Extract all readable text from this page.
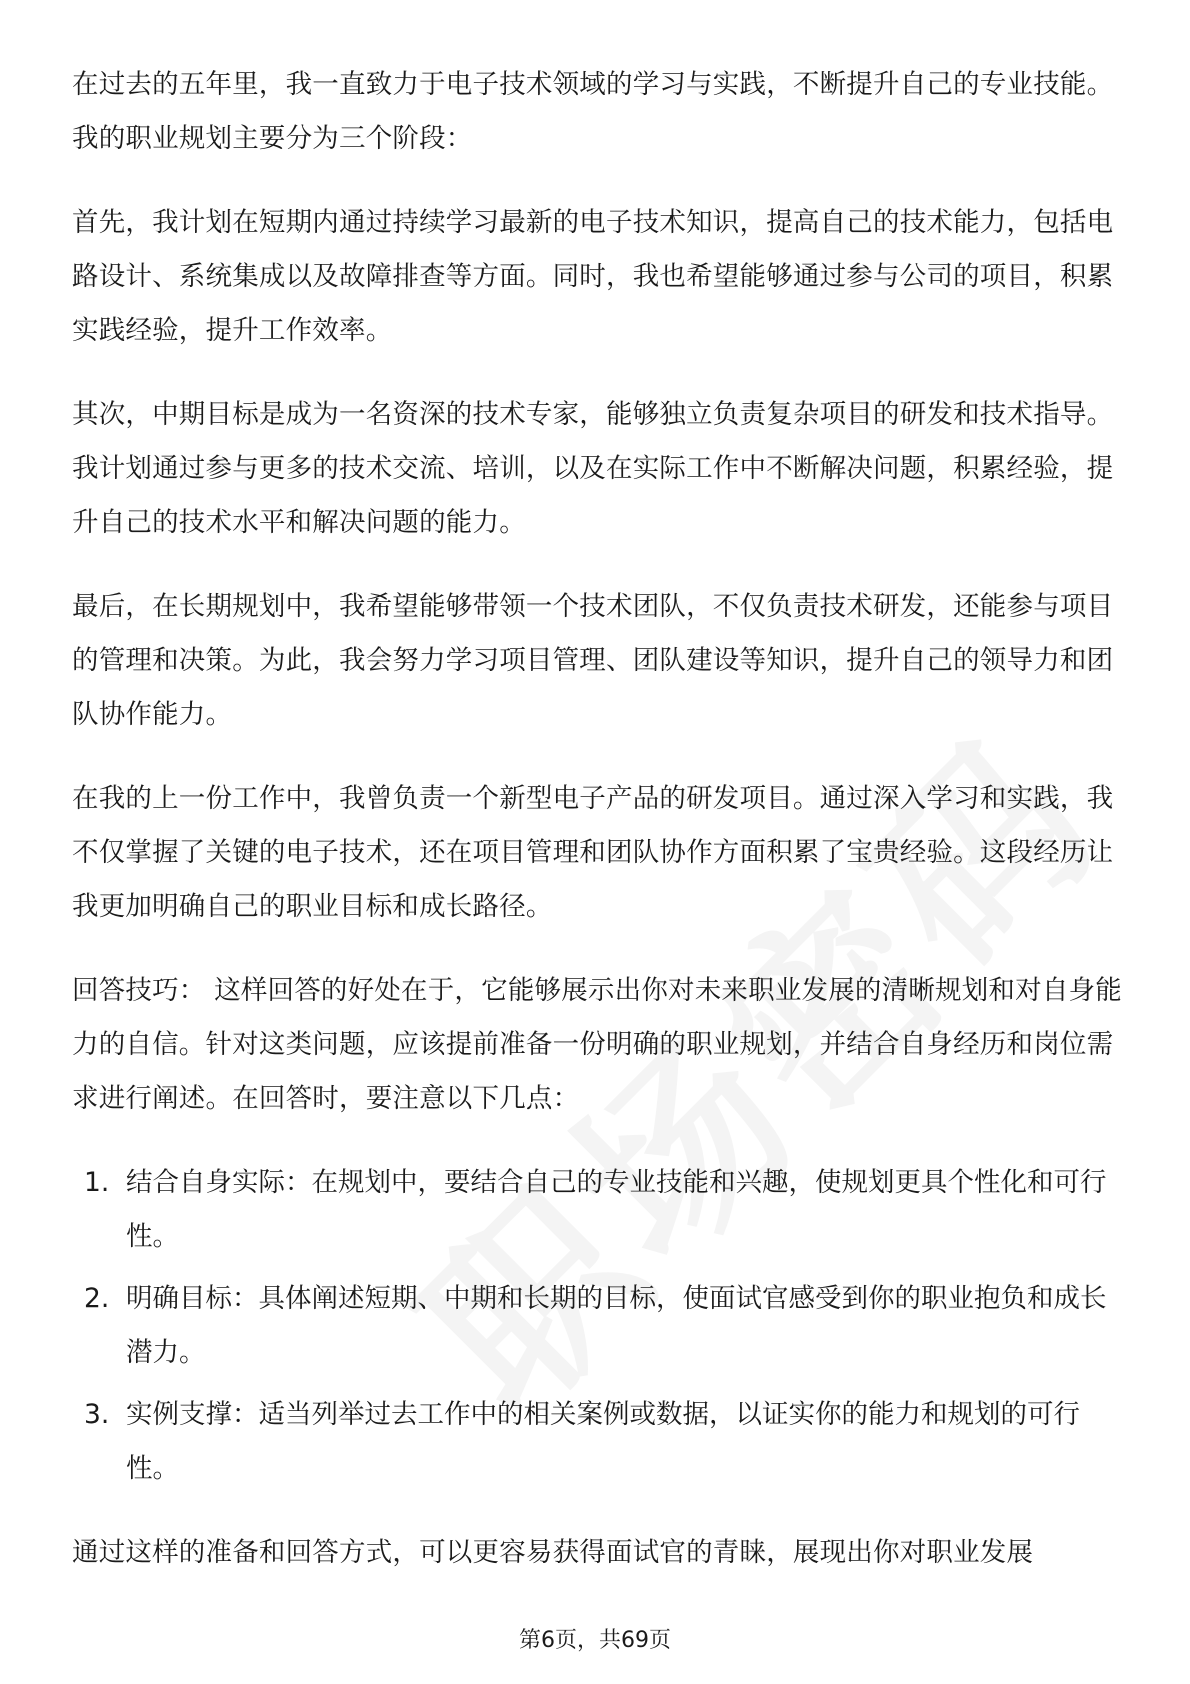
在过去的五年里，我一直致力于电子技术领域的学习与实践，不断提升自己的专业技能。我的职业规划主要分为三个阶段：

首先，我计划在短期内通过持续学习最新的电子技术知识，提高自己的技术能力，包括电路设计、系统集成以及故障排查等方面。同时，我也希望能够通过参与公司的项目，积累实践经验，提升工作效率。

其次，中期目标是成为一名资深的技术专家，能够独立负责复杂项目的研发和技术指导。我计划通过参与更多的技术交流、培训，以及在实际工作中不断解决问题，积累经验，提升自己的技术水平和解决问题的能力。

最后，在长期规划中，我希望能够带领一个技术团队，不仅负责技术研发，还能参与项目的管理和决策。为此，我会努力学习项目管理、团队建设等知识，提升自己的领导力和团队协作能力。

在我的上一份工作中，我曾负责一个新型电子产品的研发项目。通过深入学习和实践，我不仅掌握了关键的电子技术，还在项目管理和团队协作方面积累了宝贵经验。这段经历让我更加明确自己的职业目标和成长路径。

回答技巧： 这样回答的好处在于，它能够展示出你对未来职业发展的清晰规划和对自身能力的自信。针对这类问题，应该提前准备一份明确的职业规划，并结合自身经历和岗位需求进行阐述。在回答时，要注意以下几点：

1. 结合自身实际：在规划中，要结合自己的专业技能和兴趣，使规划更具个性化和可行性。
2. 明确目标：具体阐述短期、中期和长期的目标，使面试官感受到你的职业抱负和成长潜力。
3. 实例支撑：适当列举过去工作中的相关案例或数据，以证实你的能力和规划的可行性。

通过这样的准备和回答方式，可以更容易获得面试官的青睐，展现出你对职业发展

第6页，共69页
